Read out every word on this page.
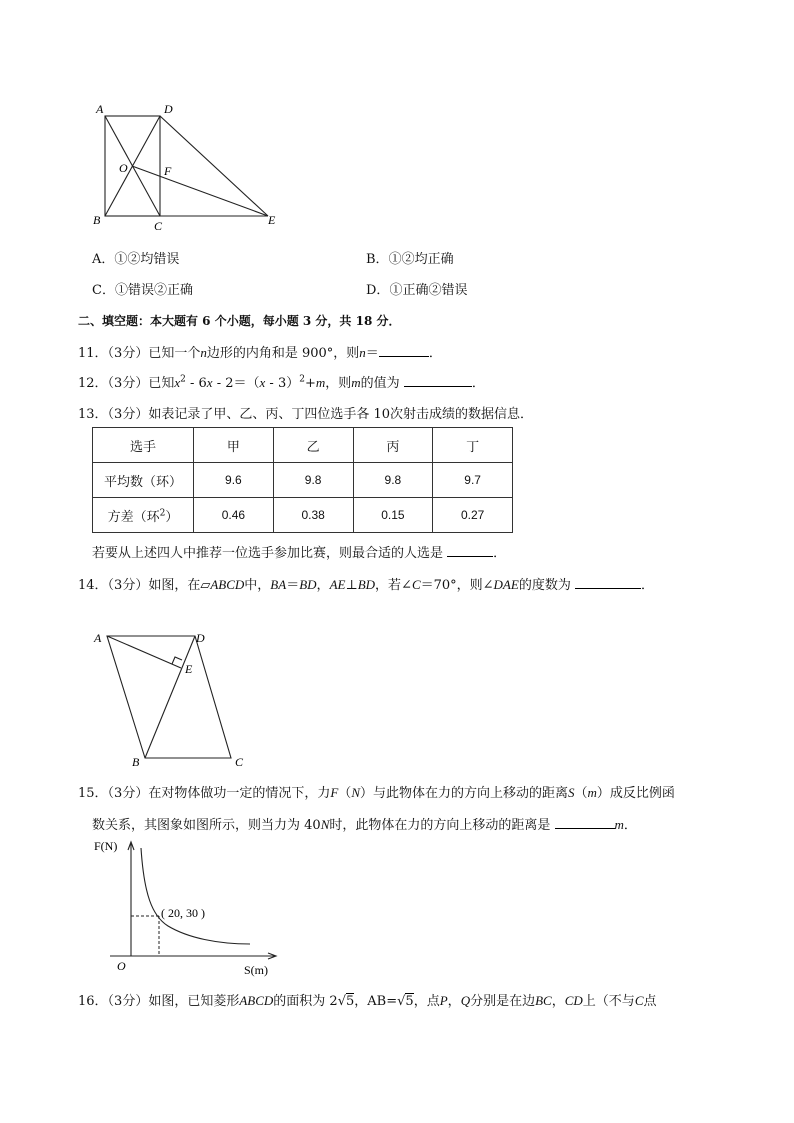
A	D
O	F
B	C	E
A．①②均错误	B．①②均正确
C．①错误②正确	D．①正确②错误
二、填空题：本大题有 6 个小题，每小题 3 分，共 18 分．
11．（3分）已知一个n边形的内角和是 900°，则n＝	．
12．（3分）已知$x^2 - 6x - 2=(x - 3)^2+m$，则m的值为	．
13．（3分）如表记录了甲、乙、丙、丁四位选手各 10次射击成绩的数据信息．
选手	甲	乙	丙	丁
平均数（环）	9.6	9.8	9.8	9.7
方差（环$^2$）	0.46	0.38	0.15	0.27
若要从上述四人中推荐一位选手参加比赛，则最合适的人选是	．
14．（3分）如图，在▱ABCD中，BA＝BD，AE⊥BD，若∠C＝70°，则∠DAE的度数为	．
A	D
E
B	C
15．（3分）在对物体做功一定的情况下，力F（N）与此物体在力的方向上移动的距离S（m）成反比例函
数关系，其图象如图所示，则当力为 40N时，此物体在力的方向上移动的距离是	m．
F(N)
S(m)
O
( 20, 30 )
16．（3分）如图，已知菱形ABCD的面积为 2√5，AB=√5，点P，Q分别是在边BC，CD上（不与C点
